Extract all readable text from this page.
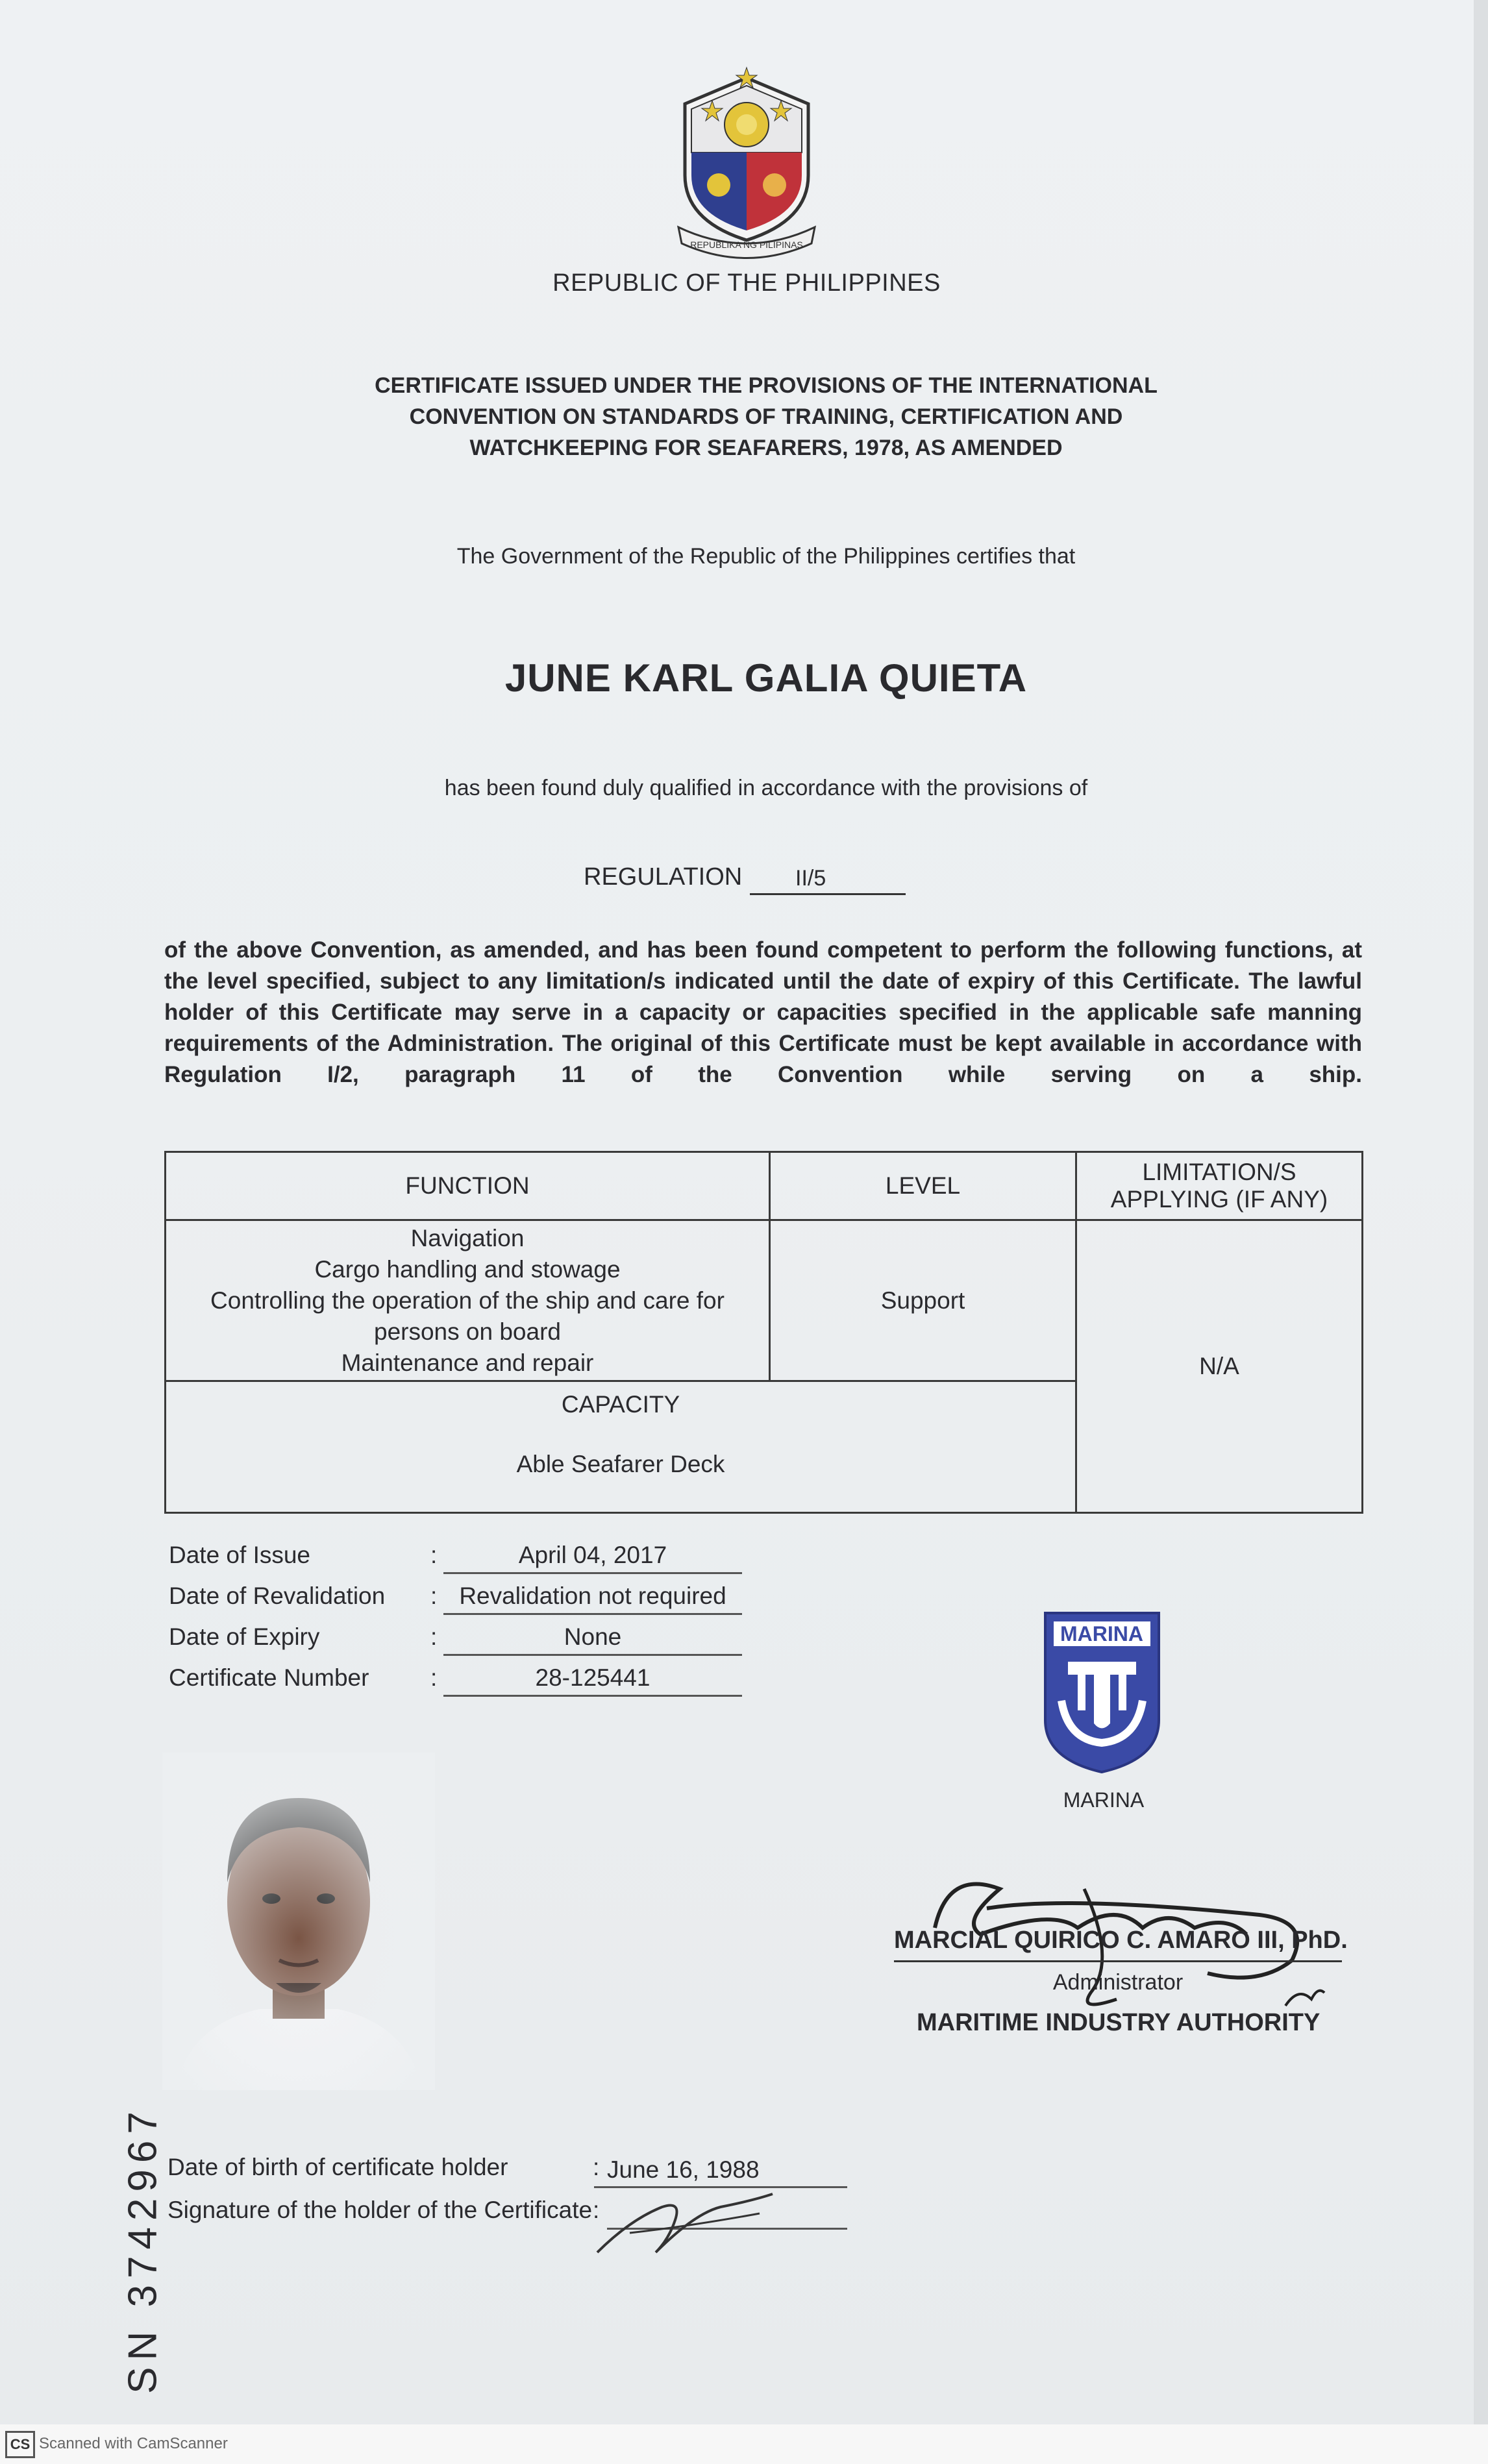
REPUBLIKA NG PILIPINAS
REPUBLIC OF THE PHILIPPINES
CERTIFICATE ISSUED UNDER THE PROVISIONS OF THE INTERNATIONAL CONVENTION ON STANDARDS OF TRAINING, CERTIFICATION AND WATCHKEEPING FOR SEAFARERS, 1978, AS AMENDED
The Government of the Republic of the Philippines certifies that
JUNE KARL GALIA QUIETA
has been found duly qualified in accordance with the provisions of
REGULATION	II/5
of the above Convention, as amended, and has been found competent to perform the following functions, at the level specified, subject to any limitation/s indicated until the date of expiry of this Certificate. The lawful holder of this Certificate may serve in a capacity or capacities specified in the applicable safe manning requirements of the Administration. The original of this Certificate must be kept available in accordance with Regulation I/2, paragraph 11 of the Convention while serving on a ship.
FUNCTION	LEVEL	LIMITATION/S
APPLYING (IF ANY)

Navigation
Cargo handling and stowage
Controlling the operation of the ship and care for
persons on board
Maintenance and repair	Support	N/A

CAPACITY
Able Seafarer Deck		
Date of Issue	:	April 04, 2017
Date of Revalidation : Revalidation not required
Date of Expiry	:	None
Certificate Number	:	28-125441
MARINA
MARINA
MARCIAL QUIRICO C. AMARO III, PhD.
Administrator
MARITIME INDUSTRY AUTHORITY
Date of birth of certificate holder	: June 16, 1988
Signature of the holder of the Certificate :
SN 3742967
CS Scanned with CamScanner
